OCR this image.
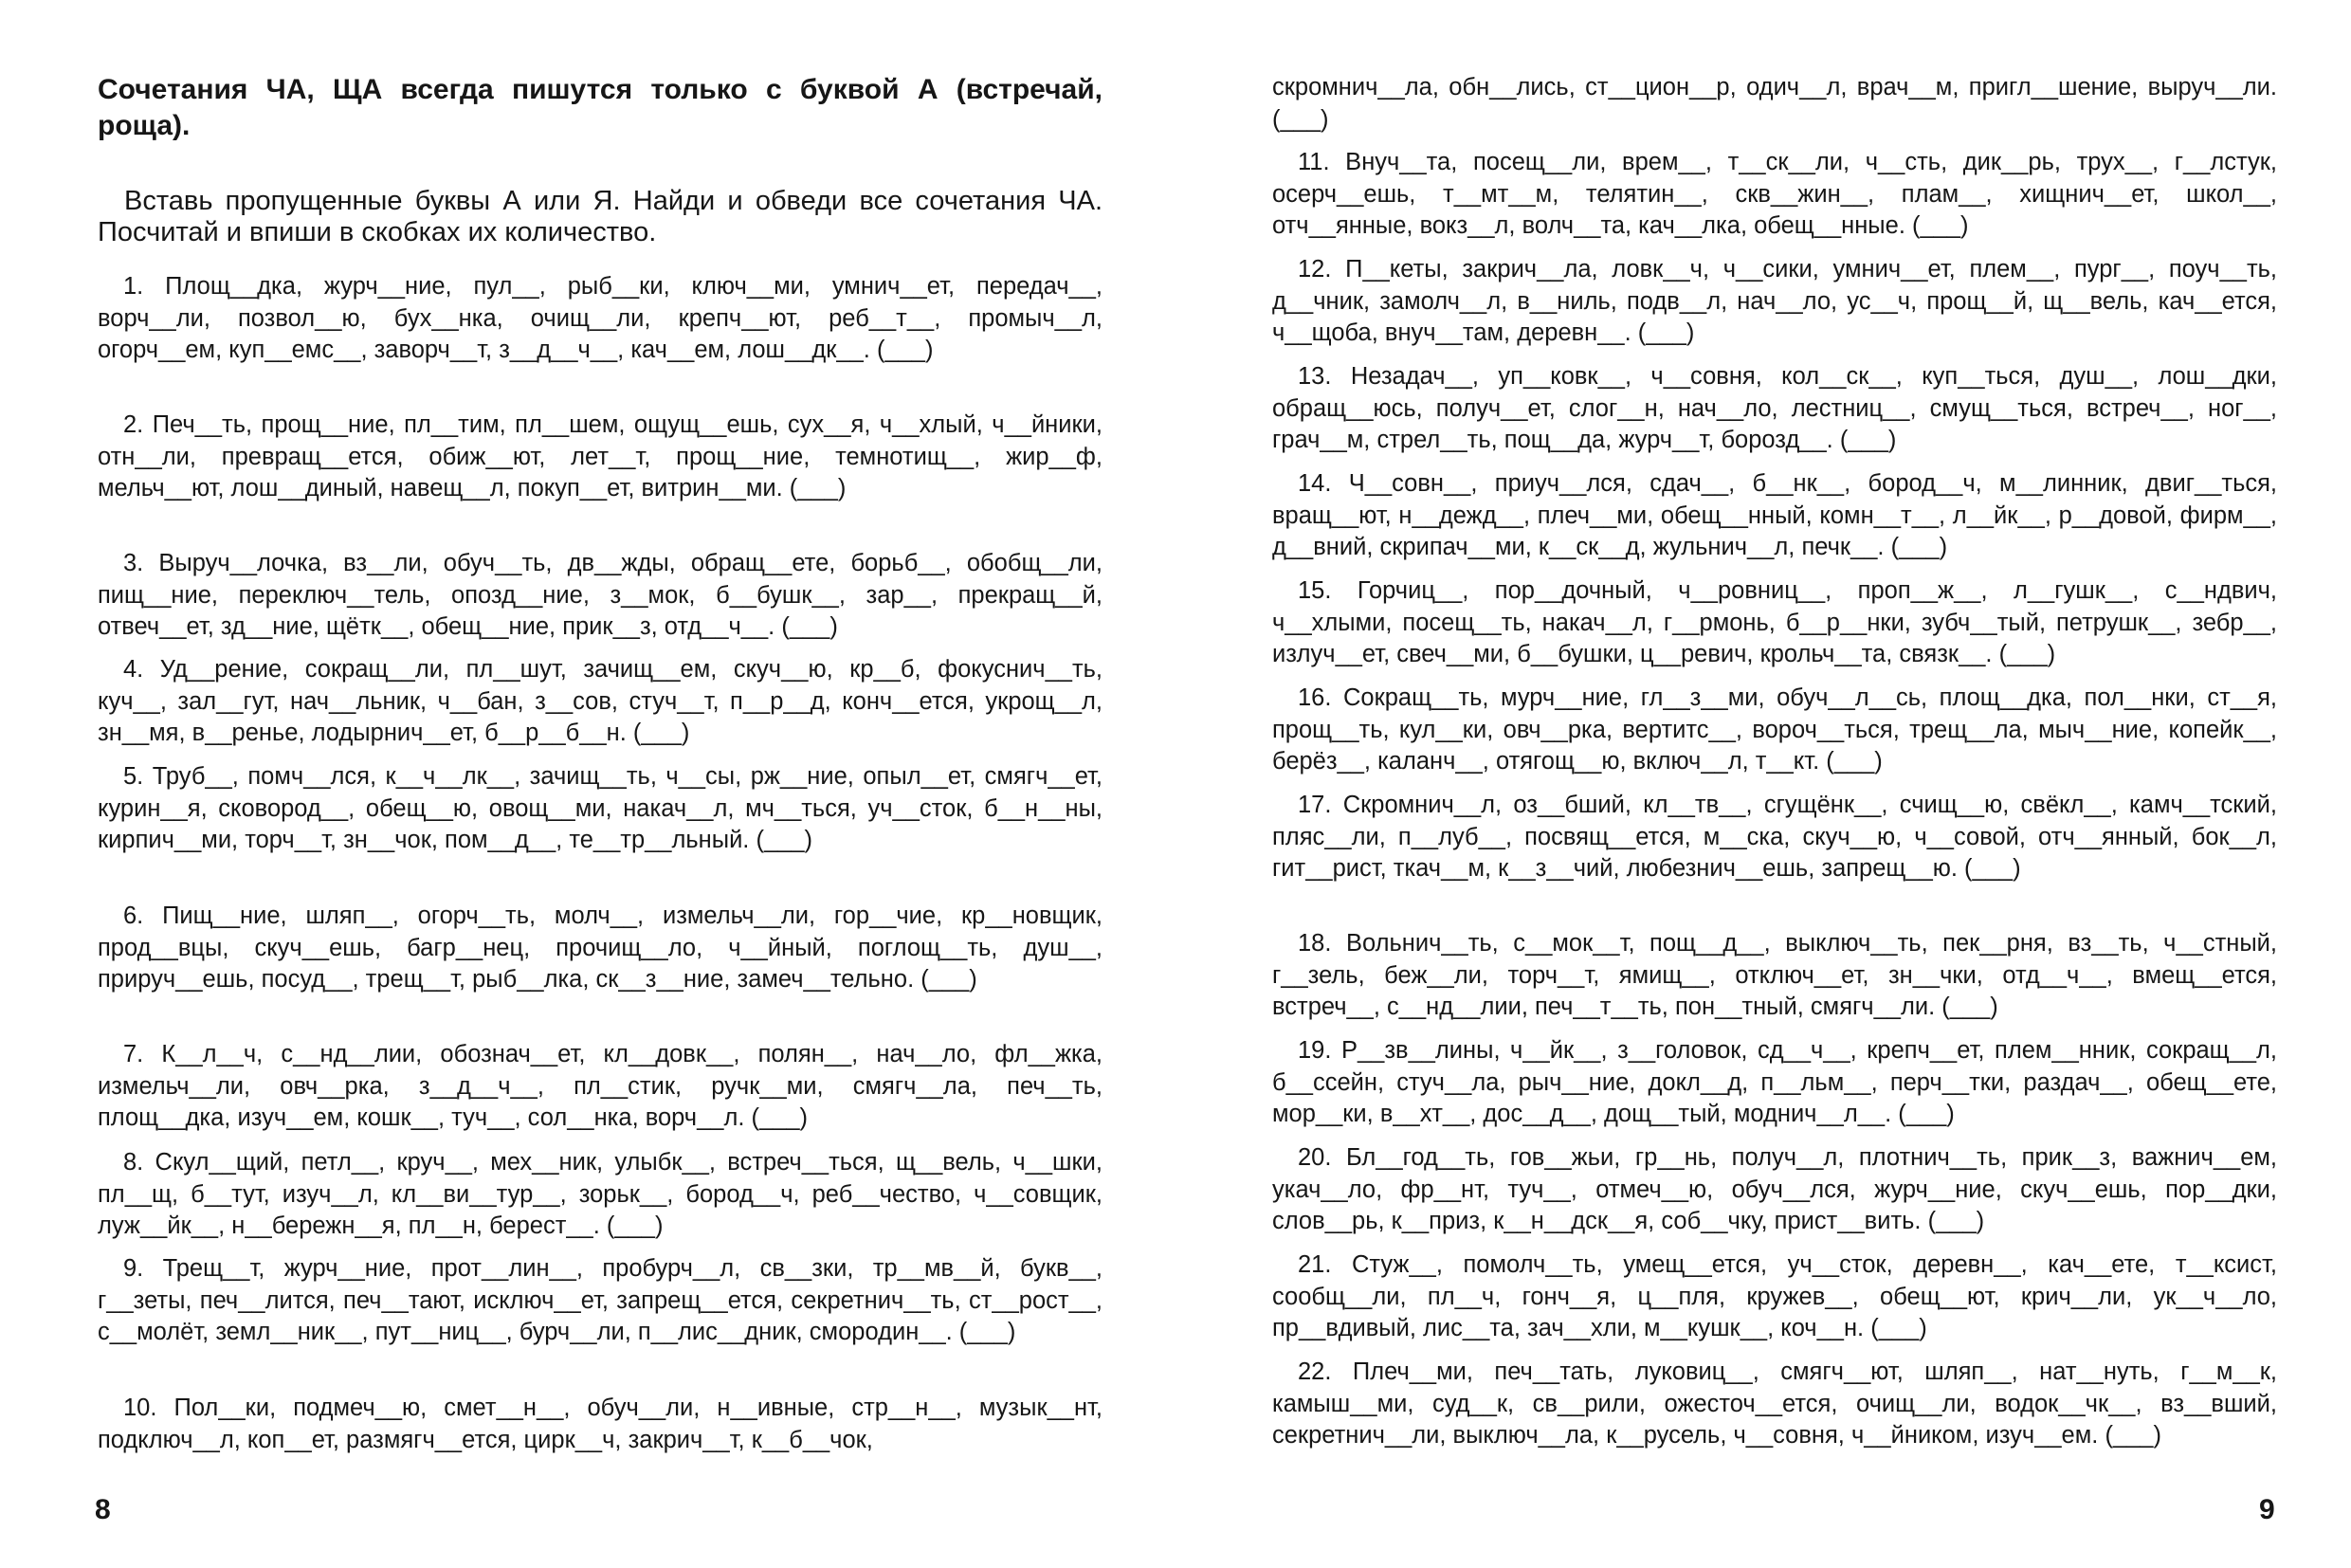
Сочетания ЧА, ЩА всегда пишутся только с буквой А (встречай, роща).
Вставь пропущенные буквы А или Я. Найди и обведи все сочетания ЧА. Посчитай и впиши в скобках их количество.
1. Площ__дка, журч__ние, пул__, рыб__ки, ключ__ми, умнич__ет, передач__, ворч__ли, позвол__ю, бух__нка, очищ__ли, крепч__ют, реб__т__, промыч__л, огорч__ем, куп__емс__, заворч__т, з__д__ч__, кач__ем, лош__дк__. (___)
2. Печ__ть, прощ__ние, пл__тим, пл__шем, ощущ__ешь, сух__я, ч__хлый, ч__йники, отн__ли, превращ__ется, обиж__ют, лет__т, прощ__ние, темнотищ__, жир__ф, мельч__ют, лош__диный, навещ__л, покуп__ет, витрин__ми. (___)
3. Выруч__лочка, вз__ли, обуч__ть, дв__жды, обращ__ете, борьб__, обобщ__ли, пищ__ние, переключ__тель, опозд__ние, з__мок, б__бушк__, зар__, прекращ__й, отвеч__ет, зд__ние, щётк__, обещ__ние, прик__з, отд__ч__. (___)
4. Уд__рение, сокращ__ли, пл__шут, зачищ__ем, скуч__ю, кр__б, фокуснич__ть, куч__, зал__гут, нач__льник, ч__бан, з__сов, стуч__т, п__р__д, конч__ется, укрощ__л, зн__мя, в__ренье, лодырнич__ет, б__р__б__н. (___)
5. Труб__, помч__лся, к__ч__лк__, зачищ__ть, ч__сы, рж__ние, опыл__ет, смягч__ет, курин__я, сковород__, обещ__ю, овощ__ми, накач__л, мч__ться, уч__сток, б__н__ны, кирпич__ми, торч__т, зн__чок, пом__д__, те__тр__льный. (___)
6. Пищ__ние, шляп__, огорч__ть, молч__, измельч__ли, гор__чие, кр__новщик, прод__вцы, скуч__ешь, багр__нец, прочищ__ло, ч__йный, поглощ__ть, душ__, прируч__ешь, посуд__, трещ__т, рыб__лка, ск__з__ние, замеч__тельно. (___)
7. К__л__ч, с__нд__лии, обознач__ет, кл__довк__, полян__, нач__ло, фл__жка, измельч__ли, овч__рка, з__д__ч__, пл__стик, ручк__ми, смягч__ла, печ__ть, площ__дка, изуч__ем, кошк__, туч__, сол__нка, ворч__л. (___)
8. Скул__щий, петл__, круч__, мех__ник, улыбк__, встреч__ться, щ__вель, ч__шки, пл__щ, б__тут, изуч__л, кл__ви__тур__, зорьк__, бород__ч, реб__чество, ч__совщик, луж__йк__, н__бережн__я, пл__н, берест__. (___)
9. Трещ__т, журч__ние, прот__лин__, пробурч__л, св__зки, тр__мв__й, букв__, г__зеты, печ__лится, печ__тают, исключ__ет, запрещ__ется, секретнич__ть, ст__рост__, с__молёт, земл__ник__, пут__ниц__, бурч__ли, п__лис__дник, смородин__. (___)
10. Пол__ки, подмеч__ю, смет__н__, обуч__ли, н__ивные, стр__н__, музык__нт, подключ__л, коп__ет, размягч__ется, цирк__ч, закрич__т, к__б__чок,
8
скромнич__ла, обн__лись, ст__цион__р, одич__л, врач__м, пригл__шение, выруч__ли. (___)
11. Внуч__та, посещ__ли, врем__, т__ск__ли, ч__сть, дик__рь, трух__, г__лстук, осерч__ешь, т__мт__м, телятин__, скв__жин__, плам__, хищнич__ет, школ__, отч__янные, вокз__л, волч__та, кач__лка, обещ__нные. (___)
12. П__кеты, закрич__ла, ловк__ч, ч__сики, умнич__ет, плем__, пург__, поуч__ть, д__чник, замолч__л, в__ниль, подв__л, нач__ло, ус__ч, прощ__й, щ__вель, кач__ется, ч__щоба, внуч__там, деревн__. (___)
13. Незадач__, уп__ковк__, ч__совня, кол__ск__, куп__ться, душ__, лош__дки, обращ__юсь, получ__ет, слог__н, нач__ло, лестниц__, смущ__ться, встреч__, ног__, грач__м, стрел__ть, пощ__да, журч__т, борозд__. (___)
14. Ч__совн__, приуч__лся, сдач__, б__нк__, бород__ч, м__линник, двиг__ться, вращ__ют, н__дежд__, плеч__ми, обещ__нный, комн__т__, л__йк__, р__довой, фирм__, д__вний, скрипач__ми, к__ск__д, жульнич__л, печк__. (___)
15. Горчиц__, пор__дочный, ч__ровниц__, проп__ж__, л__гушк__, с__ндвич, ч__хлыми, посещ__ть, накач__л, г__рмонь, б__р__нки, зубч__тый, петрушк__, зебр__, излуч__ет, свеч__ми, б__бушки, ц__ревич, крольч__та, связк__. (___)
16. Сокращ__ть, мурч__ние, гл__з__ми, обуч__л__сь, площ__дка, пол__нки, ст__я, прощ__ть, кул__ки, овч__рка, вертитс__, вороч__ться, трещ__ла, мыч__ние, копейк__, берёз__, каланч__, отягощ__ю, включ__л, т__кт. (___)
17. Скромнич__л, оз__бший, кл__тв__, сгущёнк__, счищ__ю, свёкл__, камч__тский, пляс__ли, п__луб__, посвящ__ется, м__ска, скуч__ю, ч__совой, отч__янный, бок__л, гит__рист, ткач__м, к__з__чий, любезнич__ешь, запрещ__ю. (___)
18. Вольнич__ть, с__мок__т, пощ__д__, выключ__ть, пек__рня, вз__ть, ч__стный, г__зель, беж__ли, торч__т, ямищ__, отключ__ет, зн__чки, отд__ч__, вмещ__ется, встреч__, с__нд__лии, печ__т__ть, пон__тный, смягч__ли. (___)
19. Р__зв__лины, ч__йк__, з__головок, сд__ч__, крепч__ет, плем__нник, сокращ__л, б__ссейн, стуч__ла, рыч__ние, докл__д, п__льм__, перч__тки, раздач__, обещ__ете, мор__ки, в__хт__, дос__д__, дощ__тый, моднич__л__. (___)
20. Бл__год__ть, гов__жьи, гр__нь, получ__л, плотнич__ть, прик__з, важнич__ем, укач__ло, фр__нт, туч__, отмеч__ю, обуч__лся, журч__ние, скуч__ешь, пор__дки, слов__рь, к__приз, к__н__дск__я, соб__чку, прист__вить. (___)
21. Стуж__, помолч__ть, умещ__ется, уч__сток, деревн__, кач__ете, т__ксист, сообщ__ли, пл__ч, гонч__я, ц__пля, кружев__, обещ__ют, крич__ли, ук__ч__ло, пр__вдивый, лис__та, зач__хли, м__кушк__, коч__н. (___)
22. Плеч__ми, печ__тать, луковиц__, смягч__ют, шляп__, нат__нуть, г__м__к, камыш__ми, суд__к, св__рили, ожесточ__ется, очищ__ли, водок__чк__, вз__вший, секретнич__ли, выключ__ла, к__русель, ч__совня, ч__йником, изуч__ем. (___)
9
